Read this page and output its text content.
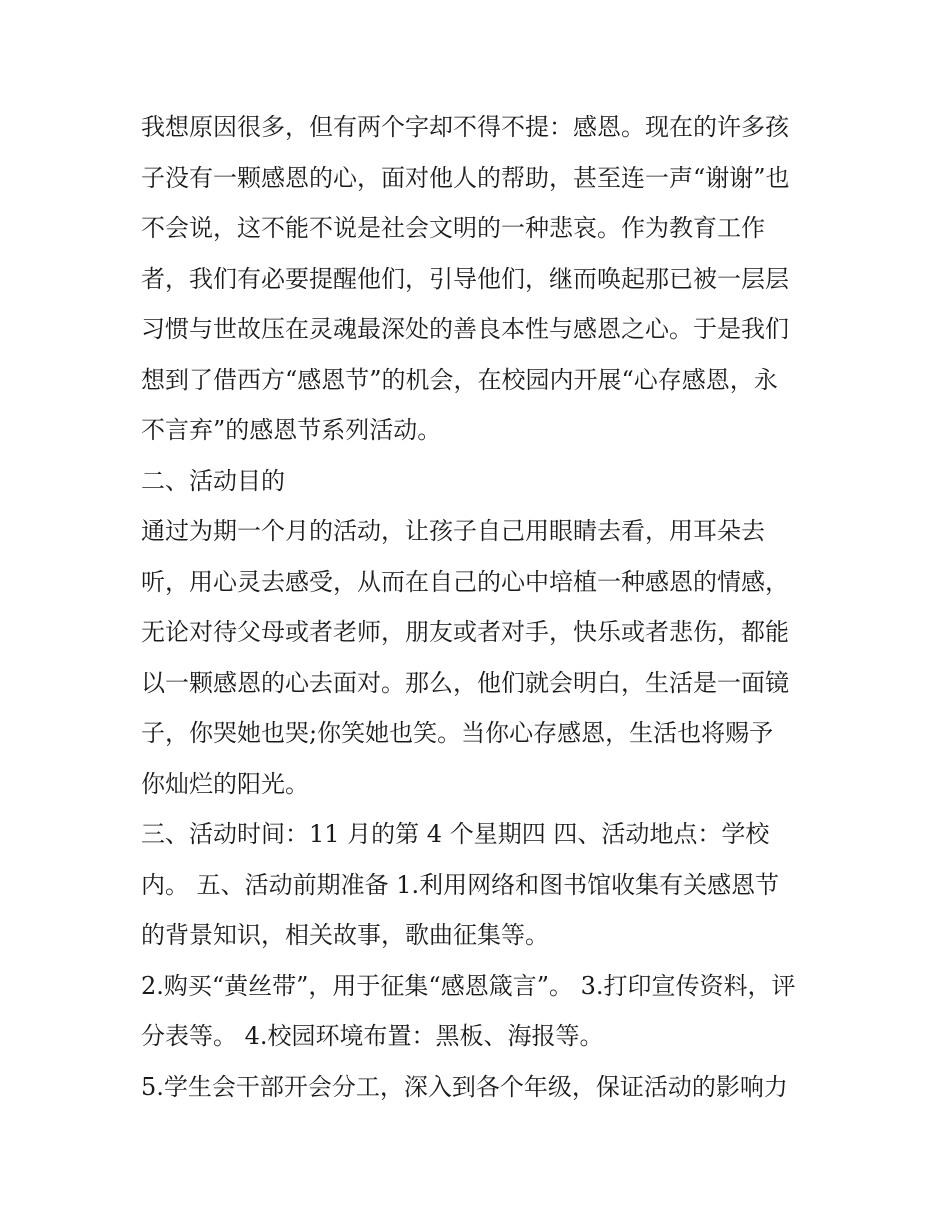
我想原因很多，但有两个字却不得不提：感恩。现在的许多孩
子没有一颗感恩的心，面对他人的帮助，甚至连一声“谢谢”也
不会说，这不能不说是社会文明的一种悲哀。作为教育工作
者，我们有必要提醒他们，引导他们，继而唤起那已被一层层
习惯与世故压在灵魂最深处的善良本性与感恩之心。于是我们
想到了借西方“感恩节”的机会，在校园内开展“心存感恩，永
不言弃”的感恩节系列活动。
二、活动目的
通过为期一个月的活动，让孩子自己用眼睛去看，用耳朵去
听，用心灵去感受，从而在自己的心中培植一种感恩的情感，
无论对待父母或者老师，朋友或者对手，快乐或者悲伤，都能
以一颗感恩的心去面对。那么，他们就会明白，生活是一面镜
子，你哭她也哭;你笑她也笑。当你心存感恩，生活也将赐予
你灿烂的阳光。
三、活动时间：11 月的第 4 个星期四 四、活动地点：学校
内。 五、活动前期准备 1.利用网络和图书馆收集有关感恩节
的背景知识，相关故事，歌曲征集等。
2.购买“黄丝带”，用于征集“感恩箴言”。 3.打印宣传资料，评
分表等。 4.校园环境布置：黑板、海报等。
5.学生会干部开会分工，深入到各个年级，保证活动的影响力
